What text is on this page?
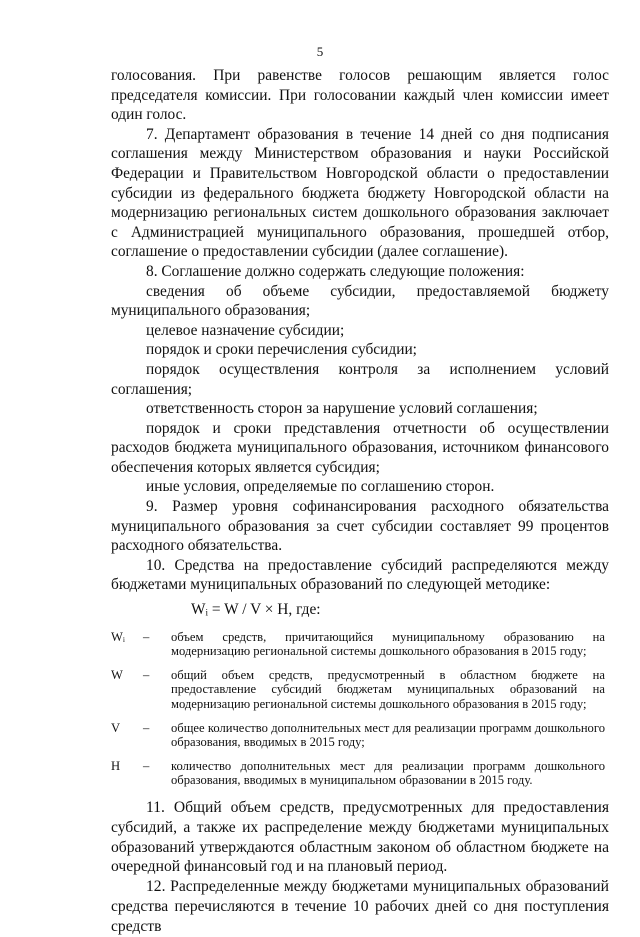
5

голосования. При равенстве голосов решающим является голос председателя комиссии. При голосовании каждый член комиссии имеет один голос.

7. Департамент образования в течение 14 дней со дня подписания соглашения между Министерством образования и науки Российской Федерации и Правительством Новгородской области о предоставлении субсидии из федерального бюджета бюджету Новгородской области на модернизацию региональных систем дошкольного образования заключает с Администрацией муниципального образования, прошедшей отбор, соглашение о предоставлении субсидии (далее соглашение).

8. Соглашение должно содержать следующие положения:

сведения об объеме субсидии, предоставляемой бюджету муниципального образования;

целевое назначение субсидии;

порядок и сроки перечисления субсидии;

порядок осуществления контроля за исполнением условий соглашения;

ответственность сторон за нарушение условий соглашения;

порядок и сроки представления отчетности об осуществлении расходов бюджета муниципального образования, источником финансового обеспечения которых является субсидия;

иные условия, определяемые по соглашению сторон.

9. Размер уровня софинансирования расходного обязательства муниципального образования за счет субсидии составляет 99 процентов расходного обязательства.

10. Средства на предоставление субсидий распределяются между бюджетами муниципальных образований по следующей методике:

Wᵢ = W / V × H, где:

Wᵢ	–	объем средств, причитающийся муниципальному образованию на модернизацию региональной системы дошкольного образования в 2015 году;
W	–	общий объем средств, предусмотренный в областном бюджете на предоставление субсидий бюджетам муниципальных образований на модернизацию региональной системы дошкольного образования в 2015 году;
V	–	общее количество дополнительных мест для реализации программ дошкольного образования, вводимых в 2015 году;
H	–	количество дополнительных мест для реализации программ дошкольного образования, вводимых в муниципальном образовании в 2015 году.

11. Общий объем средств, предусмотренных для предоставления субсидий, а также их распределение между бюджетами муниципальных образований утверждаются областным законом об областном бюджете на очередной финансовый год и на плановый период.

12. Распределенные между бюджетами муниципальных образований средства перечисляются в течение 10 рабочих дней со дня поступления средств
